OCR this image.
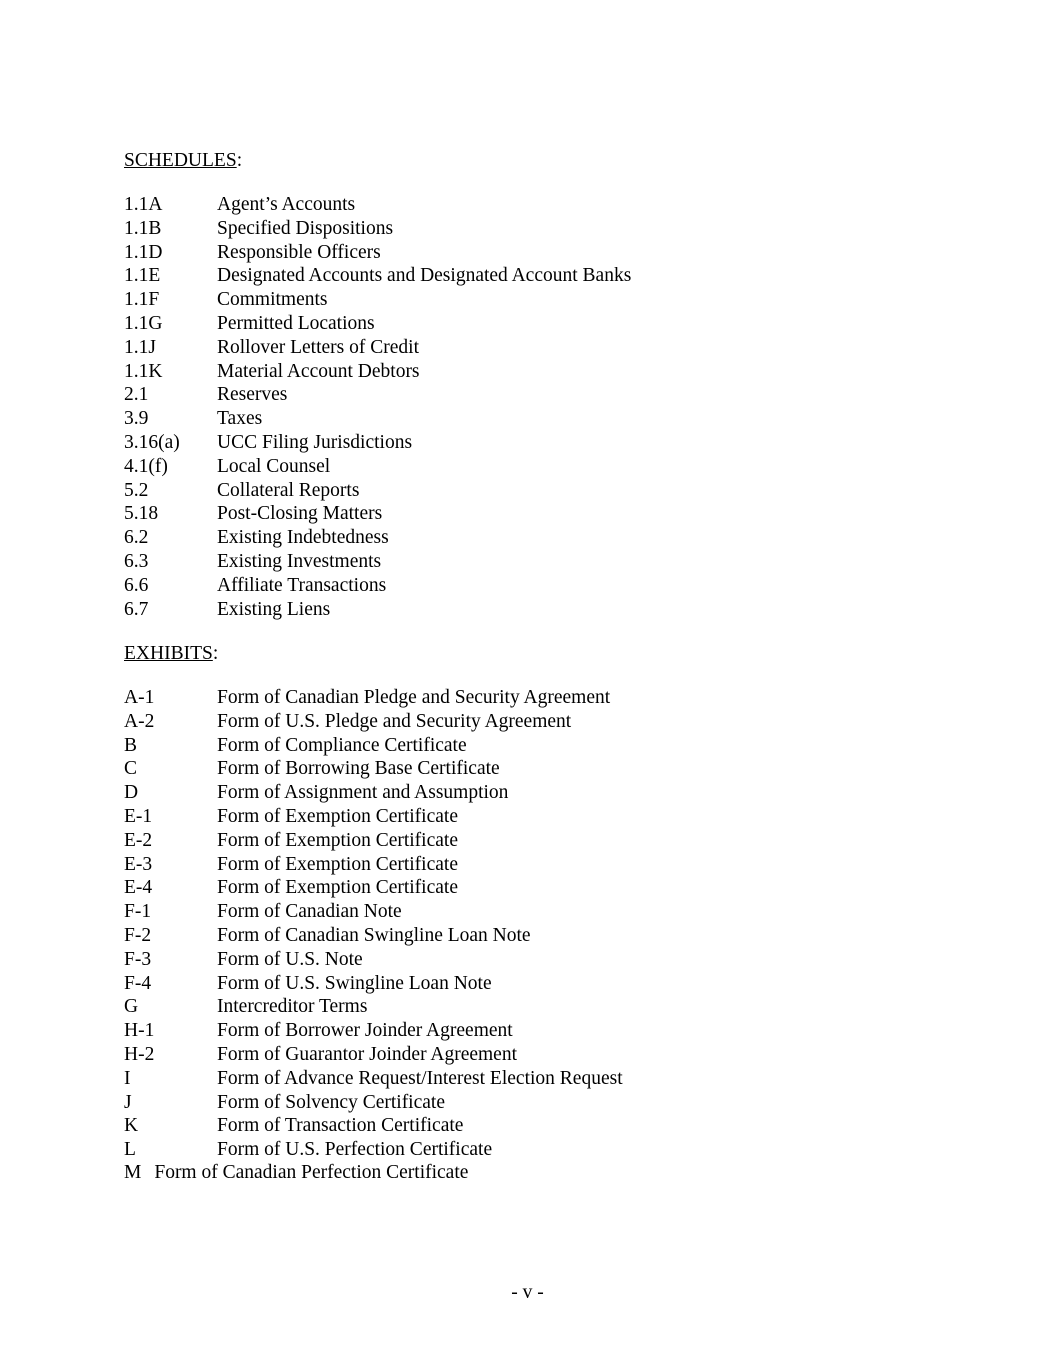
SCHEDULES:

1.1A	Agent’s Accounts
1.1B	Specified Dispositions
1.1D	Responsible Officers
1.1E	Designated Accounts and Designated Account Banks
1.1F	Commitments
1.1G	Permitted Locations
1.1J	Rollover Letters of Credit
1.1K	Material Account Debtors
2.1	Reserves
3.9	Taxes
3.16(a)	UCC Filing Jurisdictions
4.1(f)	Local Counsel
5.2	Collateral Reports
5.18	Post-Closing Matters
6.2	Existing Indebtedness
6.3	Existing Investments
6.6	Affiliate Transactions
6.7	Existing Liens

EXHIBITS:

A-1	Form of Canadian Pledge and Security Agreement
A-2	Form of U.S. Pledge and Security Agreement
B	Form of Compliance Certificate
C	Form of Borrowing Base Certificate
D	Form of Assignment and Assumption
E-1	Form of Exemption Certificate
E-2	Form of Exemption Certificate
E-3	Form of Exemption Certificate
E-4	Form of Exemption Certificate
F-1	Form of Canadian Note
F-2	Form of Canadian Swingline Loan Note
F-3	Form of U.S. Note
F-4	Form of U.S. Swingline Loan Note
G	Intercreditor Terms
H-1	Form of Borrower Joinder Agreement
H-2	Form of Guarantor Joinder Agreement
I	Form of Advance Request/Interest Election Request
J	Form of Solvency Certificate
K	Form of Transaction Certificate
L	Form of U.S. Perfection Certificate
M Form of Canadian Perfection Certificate
- v -
